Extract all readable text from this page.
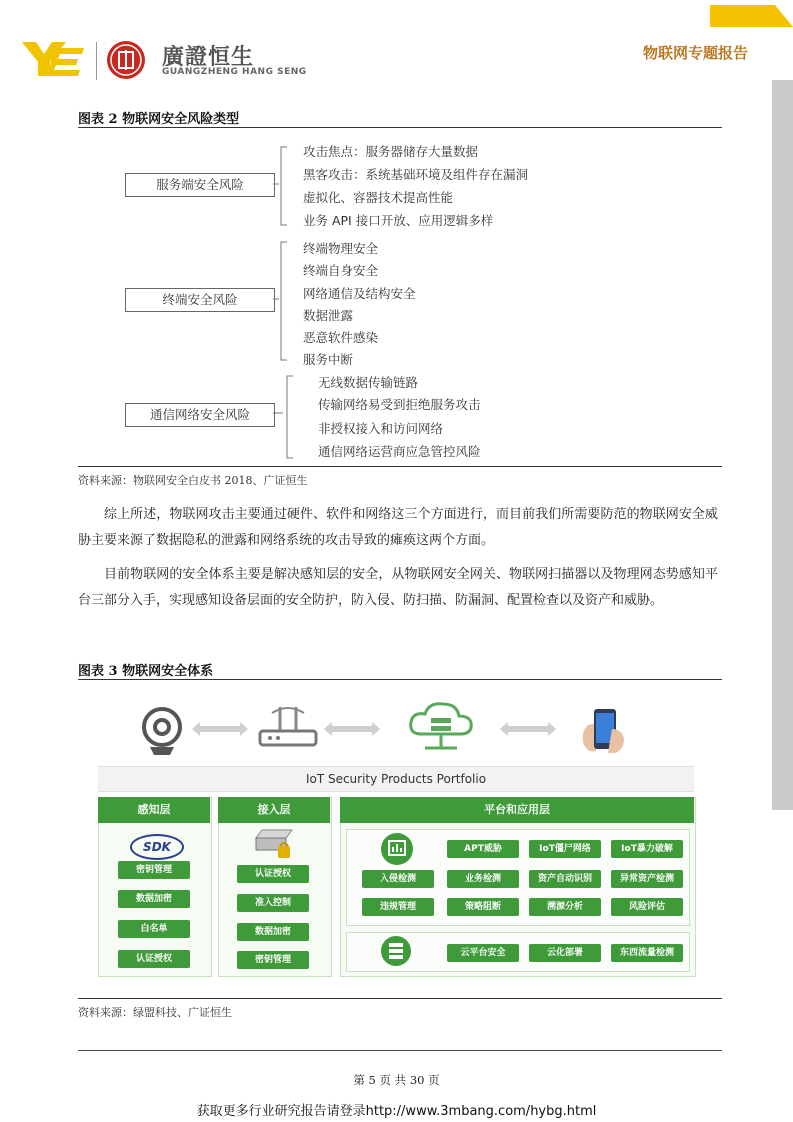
廣證恒生
GUANGZHENG HANG SENG
物联网专题报告
图表 2 物联网安全风险类型
服务端安全风险
攻击焦点：服务器储存大量数据
黑客攻击：系统基础环境及组件存在漏洞
虚拟化、容器技术提高性能
业务 API 接口开放、应用逻辑多样
终端安全风险
终端物理安全
终端自身安全
网络通信及结构安全
数据泄露
恶意软件感染
服务中断
通信网络安全风险
无线数据传输链路
传输网络易受到拒绝服务攻击
非授权接入和访问网络
通信网络运营商应急管控风险
资料来源：物联网安全白皮书 2018、广证恒生
综上所述，物联网攻击主要通过硬件、软件和网络这三个方面进行，而目前我们所需要防范的物联网安全威胁主要来源了数据隐私的泄露和网络系统的攻击导致的瘫痪这两个方面。
目前物联网的安全体系主要是解决感知层的安全，从物联网安全网关、物联网扫描器以及物理网态势感知平台三部分入手，实现感知设备层面的安全防护，防入侵、防扫描、防漏洞、配置检查以及资产和威胁。
图表 3 物联网安全体系
IoT Security Products Portfolio
感知层
SDK
密钥管理
数据加密
白名单
认证授权
接入层
认证授权
准入控制
数据加密
密钥管理
平台和应用层
APT威胁	IoT僵尸网络	IoT暴力破解
入侵检测	业务检测	资产自动识别	异常资产检测
违规管理	策略阻断	溯源分析	风险评估
云平台安全	云化部署	东西流量检测
资料来源：绿盟科技、广证恒生
第 5 页 共 30 页
获取更多行业研究报告请登录http://www.3mbang.com/hybg.html
